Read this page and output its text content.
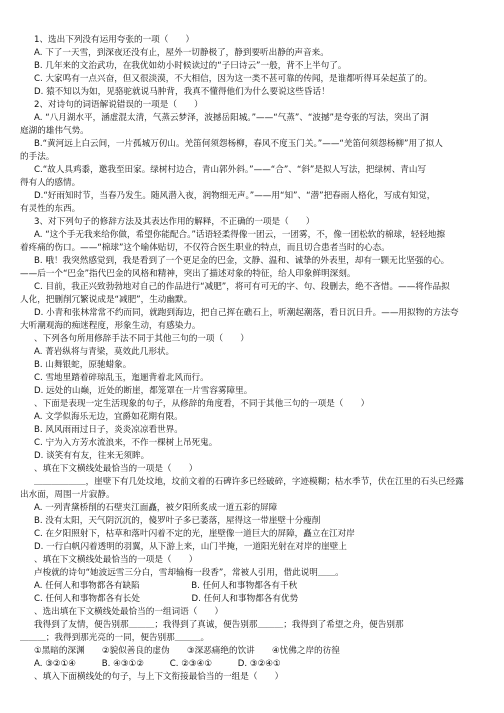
1、选出下列没有运用夸张的一项（　　）
A. 下了一天雪，到深夜还没有止，屋外一切静极了，静到要听出静的声音来。
B. 几年来的文治武功，在我优如幼小时候读过的“子曰诗云”一般，背不上半句了。
C. 大家鸣有一点兴奋，但又很淡漠，不大相信，因为这一类不甚可靠的传闻，是谁都听得耳朵起茧了的。
D. 猿不知以为如，见骆驼就说马肿背，我真不懂得他们为什么要说这些昏话！
2、对诗句的词语解说错误的一项是（　　）
A. “八月湖水平，涵虚混太清，气蒸云梦泽，波撼岳阳城。”——“气蒸”、“波撼”是夸张的写法，突出了洞
庭湖的雄伟气势。
B.“黄河远上白云间，一片孤城万仞山。羌笛何须怨杨柳，春风不度玉门关。”——“羌笛何须怨杨柳”用了拟人
的手法。
C.“故人具鸡黍，邀我至田家。绿树村边合，青山郭外斜。”——“合”、“斜”是拟人写法，把绿树、青山写
得有人的感情。
D.“好雨知时节，当春乃发生。随风潜入夜，润物细无声。”——用“知”、“潜”把春雨人格化，写成有知觉，
有灵性的东西。
3、对下列句子的修辞方法及其表达作用的解释，不正确的一项是（　　）
A. “这个手无我来给你做，希望你能配合。”话语轻柔得像一团云，一团雾，不，像一团松软的棉球，轻轻地擦
着疼痛的伤口。——“棉球”这个喻体贴切，不仅符合医生职业的特点，而且切合患者当时的心态。
B. 哦！我突然感觉到，我是看到了一个更足金的巴金，文静、温和、诚挚的外表里，却有一颗无比坚强的心。
——后一个“巴金”指代巴金的风格和精神，突出了描述对象的特征，给人印象鲜明深刻。
C. 目前，我正兴致勃勃地对自己的作品进行“减肥”，将可有可无的字、句、段删去，绝不吝惜。——将作品拟
人化，把删削冗繁说成是“减肥”，生动幽默。
D. 小青和张林常常不约而同，就跑到海边，把自己挥在礁石上，听潮起潮落，看日沉日升。——用拟物的方法夸
大听潮观海的痴迷程度，形象生动，有感染力。
、下列各句所用修辞手法不同于其他三句的一项（　　）
A. 菁岩纵将与青梁，莫效此几形状。
B. 山舞银蛇，原驰蜡象。
C. 雪地里踏着碎琼乱玉，迤逦背着北风而行。
D. 远处的山巅，近处的断崖，都笼罩在一片雪容雾障里。
、下面是表现一定生活现象的句子，从修辞的角度看，不同于其他三句的一项是（　　）
A. 文学似海乐无边，宜爵如花期有限。
B. 风风雨雨过日子，炎炎凉凉看世界。
C. 宁为入方芳水流浪来，不作一棵树上吊死鬼。
D. 谈笑有有友，往来无须眸。
、填在下文横线处最恰当的一项是（　　）
＿＿＿＿＿＿，崖壁下有几处坟地，坟前文着的石碑许多已经破碎，字迹模糊；枯水季节，伏在江里的石头已经露
出水面，周围一片寂静。
A. 一列青黛桥削的石壁夹江面矗，被夕阳所炙成一道五彩的屏障
B. 没有太阳，天气阴沉沉的，傻罗叶子多已萎落，屋得这一带崖壁十分瘦削
C. 在夕阳照射下，枯草和落叶闪着不定的光，崖壁像一道巨大的屏障，矗立在江对岸
D. 一行白帆闪着透明的羽翼，从下游上来，山门半掩，一道阳光射在对岸的崖壁上
、填在下文横线处最恰当的一项是（　　）
卢梭就的诗句“她波远雪三分白，雪却输梅一段香”，常被人引用，借此说明＿＿。
A. 任何人和事物都各有缺陷　　　　　　B. 任何人和事物都各有千秋
C. 任何人和事物都各有长处　　　　　　D. 任何人和事物都各有优势
、选出填在下文横线处最恰当的一组词语（　　）
我得到了友情，便告别那＿＿＿；我得到了真诚，便告别那＿＿＿；我得到了希望之舟，便告别那
＿＿＿；我得到那光亮的一同，便告别那＿＿＿。
①黑暗的深渊　　②貌似善良的虚伪　　③深恶痛绝的饮讲　　④忧佛之岸的彷徨
A. ③②①④　　　B. ④③①②　　　C. ②③④①　　　D. ③②④①
、填入下面横线处的句子，与上下文衔接最恰当的一组是（　　）
